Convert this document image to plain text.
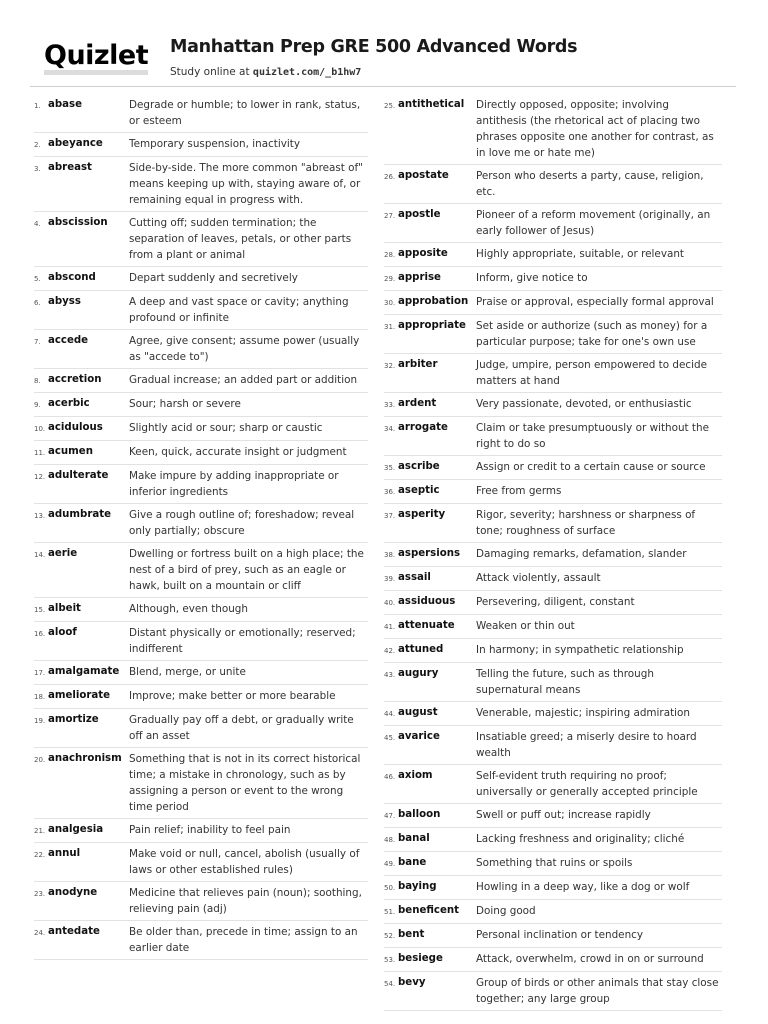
Quizlet Manhattan Prep GRE 500 Advanced Words
Study online at quizlet.com/_b1hw7
1. abase	Degrade or humble; to lower in rank, status, or esteem
2. abeyance	Temporary suspension, inactivity
3. abreast	Side-by-side. The more common "abreast of" means keeping up with, staying aware of, or remaining equal in progress with.
4. abscission	Cutting off; sudden termination; the separation of leaves, petals, or other parts from a plant or animal
5. abscond	Depart suddenly and secretively
6. abyss	A deep and vast space or cavity; anything profound or infinite
7. accede	Agree, give consent; assume power (usually as "accede to")
8. accretion	Gradual increase; an added part or addition
9. acerbic	Sour; harsh or severe
10. acidulous	Slightly acid or sour; sharp or caustic
11. acumen	Keen, quick, accurate insight or judgment
12. adulterate	Make impure by adding inappropriate or inferior ingredients
13. adumbrate	Give a rough outline of; foreshadow; reveal only partially; obscure
14. aerie	Dwelling or fortress built on a high place; the nest of a bird of prey, such as an eagle or hawk, built on a mountain or cliff
15. albeit	Although, even though
16. aloof	Distant physically or emotionally; reserved; indifferent
17. amalgamate Blend, merge, or unite
18. ameliorate	Improve; make better or more bearable
19. amortize	Gradually pay off a debt, or gradually write off an asset
20. anachronism Something that is not in its correct historical time; a mistake in chronology, such as by assigning a person or event to the wrong time period
21. analgesia	Pain relief; inability to feel pain
22. annul	Make void or null, cancel, abolish (usually of laws or other established rules)
23. anodyne	Medicine that relieves pain (noun); soothing, relieving pain (adj)
24. antedate	Be older than, precede in time; assign to an earlier date
25. antithetical	Directly opposed, opposite; involving antithesis (the rhetorical act of placing two phrases opposite one another for contrast, as in love me or hate me)
26. apostate	Person who deserts a party, cause, religion, etc.
27. apostle	Pioneer of a reform movement (originally, an early follower of Jesus)
28. apposite	Highly appropriate, suitable, or relevant
29. apprise	Inform, give notice to
30. approbation Praise or approval, especially formal approval
31. appropriate Set aside or authorize (such as money) for a particular purpose; take for one's own use
32. arbiter	Judge, umpire, person empowered to decide matters at hand
33. ardent	Very passionate, devoted, or enthusiastic
34. arrogate	Claim or take presumptuously or without the right to do so
35. ascribe	Assign or credit to a certain cause or source
36. aseptic	Free from germs
37. asperity	Rigor, severity; harshness or sharpness of tone; roughness of surface
38. aspersions	Damaging remarks, defamation, slander
39. assail	Attack violently, assault
40. assiduous	Persevering, diligent, constant
41. attenuate	Weaken or thin out
42. attuned	In harmony; in sympathetic relationship
43. augury	Telling the future, such as through supernatural means
44. august	Venerable, majestic; inspiring admiration
45. avarice	Insatiable greed; a miserly desire to hoard wealth
46. axiom	Self-evident truth requiring no proof; universally or generally accepted principle
47. balloon	Swell or puff out; increase rapidly
48. banal	Lacking freshness and originality; cliché
49. bane	Something that ruins or spoils
50. baying	Howling in a deep way, like a dog or wolf
51. beneficent	Doing good
52. bent	Personal inclination or tendency
53. besiege	Attack, overwhelm, crowd in on or surround
54. bevy	Group of birds or other animals that stay close together; any large group
